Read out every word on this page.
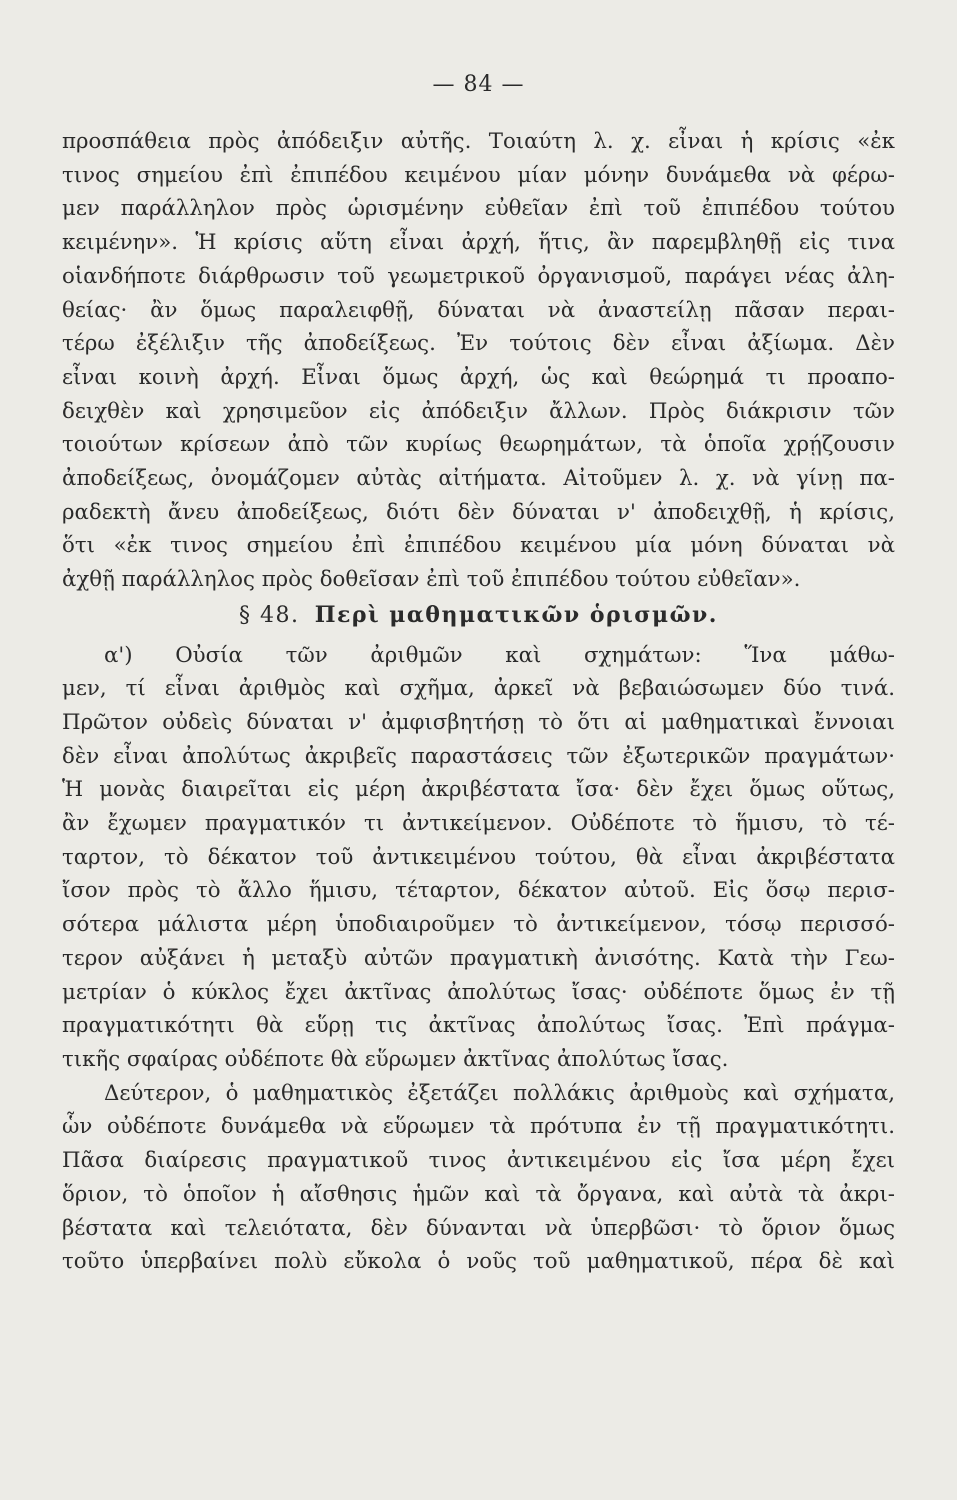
— 84 —

προσπάθεια πρὸς ἀπόδειξιν αὐτῆς. Τοιαύτη λ. χ. εἶναι ἡ κρίσις «ἐκ
τινος σημείου ἐπὶ ἐπιπέδου κειμένου μίαν μόνην δυνάμεθα νὰ φέρω-
μεν παράλληλον πρὸς ὡρισμένην εὐθεῖαν ἐπὶ τοῦ ἐπιπέδου τούτου
κειμένην». Ἡ κρίσις αὕτη εἶναι ἀρχή, ἥτις, ἂν παρεμβληθῇ εἰς τινα
οἱανδήποτε διάρθρωσιν τοῦ γεωμετρικοῦ ὀργανισμοῦ, παράγει νέας ἀλη-
θείας· ἂν ὅμως παραλειφθῇ, δύναται νὰ ἀναστείλῃ πᾶσαν περαι-
τέρω ἐξέλιξιν τῆς ἀποδείξεως. Ἐν τούτοις δὲν εἶναι ἀξίωμα. Δὲν
εἶναι κοινὴ ἀρχή. Εἶναι ὅμως ἀρχή, ὡς καὶ θεώρημά τι προαπο-
δειχθὲν καὶ χρησιμεῦον εἰς ἀπόδειξιν ἄλλων. Πρὸς διάκρισιν τῶν
τοιούτων κρίσεων ἀπὸ τῶν κυρίως θεωρημάτων, τὰ ὁποῖα χρῄζουσιν
ἀποδείξεως, ὀνομάζομεν αὐτὰς αἰτήματα. Αἰτοῦμεν λ. χ. νὰ γίνῃ πα-
ραδεκτὴ ἄνευ ἀποδείξεως, διότι δὲν δύναται ν' ἀποδειχθῇ, ἡ κρίσις,
ὅτι «ἐκ τινος σημείου ἐπὶ ἐπιπέδου κειμένου μία μόνη δύναται νὰ
ἀχθῇ παράλληλος πρὸς δοθεῖσαν ἐπὶ τοῦ ἐπιπέδου τούτου εὐθεῖαν».

§ 48. Περὶ μαθηματικῶν ὁρισμῶν.

α') Οὐσία τῶν ἀριθμῶν καὶ σχημάτων: Ἵνα μάθω-
μεν, τί εἶναι ἀριθμὸς καὶ σχῆμα, ἀρκεῖ νὰ βεβαιώσωμεν δύο τινά.
Πρῶτον οὐδεὶς δύναται ν' ἀμφισβητήσῃ τὸ ὅτι αἱ μαθηματικαὶ ἔννοιαι
δὲν εἶναι ἀπολύτως ἀκριβεῖς παραστάσεις τῶν ἐξωτερικῶν πραγμάτων·
Ἡ μονὰς διαιρεῖται εἰς μέρη ἀκριβέστατα ἴσα· δὲν ἔχει ὅμως οὕτως,
ἂν ἔχωμεν πραγματικόν τι ἀντικείμενον. Οὐδέποτε τὸ ἥμισυ, τὸ τέ-
ταρτον, τὸ δέκατον τοῦ ἀντικειμένου τούτου, θὰ εἶναι ἀκριβέστατα
ἴσον πρὸς τὸ ἄλλο ἥμισυ, τέταρτον, δέκατον αὐτοῦ. Εἰς ὅσῳ περισ-
σότερα μάλιστα μέρη ὑποδιαιροῦμεν τὸ ἀντικείμενον, τόσῳ περισσό-
τερον αὐξάνει ἡ μεταξὺ αὐτῶν πραγματικὴ ἀνισότης. Κατὰ τὴν Γεω-
μετρίαν ὁ κύκλος ἔχει ἀκτῖνας ἀπολύτως ἴσας· οὐδέποτε ὅμως ἐν τῇ
πραγματικότητι θὰ εὕρῃ τις ἀκτῖνας ἀπολύτως ἴσας. Ἐπὶ πράγμα-
τικῆς σφαίρας οὐδέποτε θὰ εὕρωμεν ἀκτῖνας ἀπολύτως ἴσας.

Δεύτερον, ὁ μαθηματικὸς ἐξετάζει πολλάκις ἀριθμοὺς καὶ σχήματα,
ὧν οὐδέποτε δυνάμεθα νὰ εὕρωμεν τὰ πρότυπα ἐν τῇ πραγματικότητι.
Πᾶσα διαίρεσις πραγματικοῦ τινος ἀντικειμένου εἰς ἴσα μέρη ἔχει
ὅριον, τὸ ὁποῖον ἡ αἴσθησις ἡμῶν καὶ τὰ ὄργανα, καὶ αὐτὰ τὰ ἀκρι-
βέστατα καὶ τελειότατα, δὲν δύνανται νὰ ὑπερβῶσι· τὸ ὅριον ὅμως
τοῦτο ὑπερβαίνει πολὺ εὔκολα ὁ νοῦς τοῦ μαθηματικοῦ, πέρα δὲ καὶ
